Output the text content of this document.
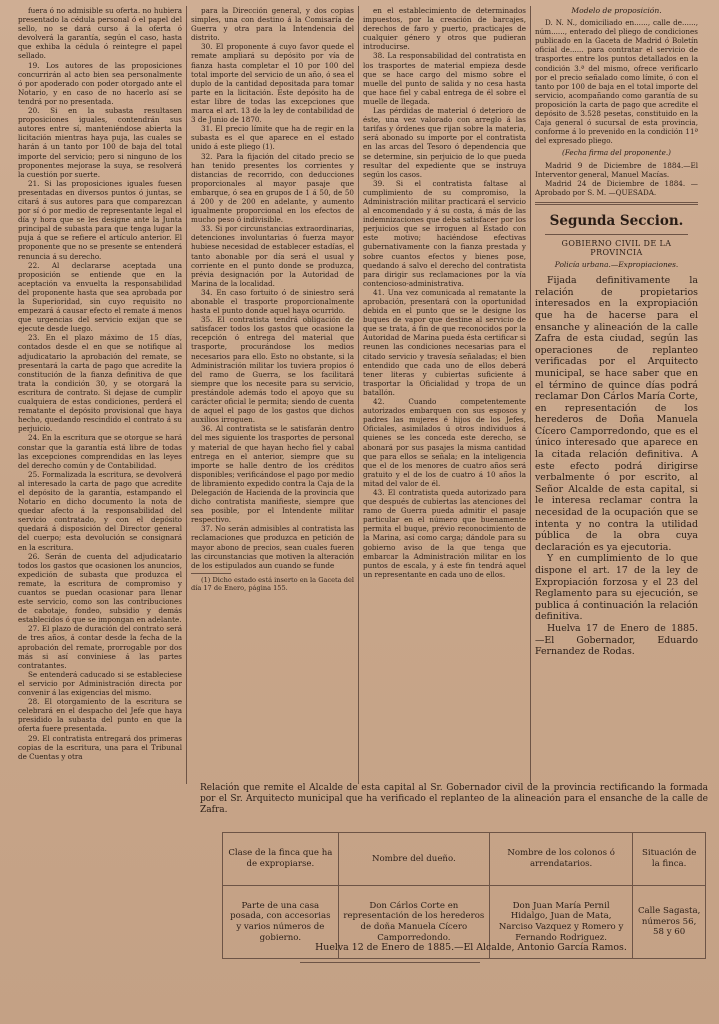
fuera ó no admisible su oferta. no hubiera presentado la cédula personal ó el papel del sello, no se dará curso á la oferta ó devolverá la garantía, según el caso, hasta que exhiba la cédula ó reintegre el papel sellado.

19. Los autores de las proposiciones concurrirán al acto bien sea personalmente ó por apoderado con poder otorgado ante el Notario, y en caso de no hacerlo así se tendrá por no presentada.

20. Si en la subasta resultasen proposiciones iguales, contendrán sus autores entre sí, manteniéndose abierta la licitación mientras haya puja, las cuales se harán á un tanto por 100 de baja del total importe del servicio; pero si ninguno de los proponentes mejorase la suya, se resolverá la cuestión por suerte.

21. Si las proposiciones iguales fuesen presentadas en diversos puntos ó juntas, se citará á sus autores para que comparezcan por sí ó por medio de representante legal el día y hora que se les designe ante la Junta principal de subasta para que tenga lugar la puja á que se refiere el artículo anterior. El proponente que no se presente se entenderá renuncia á su derecho.

22. Al declararse aceptada una proposición se entiende que en la aceptación va envuelta la responsabilidad del proponente hasta que sea aprobada por la Superioridad, sin cuyo requisito no empezará á causar efecto el remate á menos que urgencias del servicio exijan que se ejecute desde luego.

23. En el plazo máximo de 15 días, contados desde el en que se notifique al adjudicatario la aprobación del remate, se presentará la carta de pago que acredite la constitución de la fianza definitiva de que trata la condición 30, y se otorgará la escritura de contrato. Si dejase de cumplir cualquiera de estas condiciones, perderá el rematante el depósito provisional que haya hecho, quedando rescindido el contrato á su perjuicio.

24. En la escritura que se otorgue se hará constar que la garantía está libre de todas las excepciones comprendidas en las leyes del derecho común y de Contabilidad.

25. Formalizada la escritura, se devolverá al interesado la carta de pago que acredite el depósito de la garantía, estampando el Notario en dicho documento la nota de quedar afecto á la responsabilidad del servicio contratado, y con el depósito quedará á disposición del Director general del cuerpo; esta devolución se consignará en la escritura.

26. Serán de cuenta del adjudicatario todos los gastos que ocasionen los anuncios, expedición de subasta que produzca el remate, la escritura de compromiso y cuantos se puedan ocasionar para llenar este servicio, como son las contribuciones de cabotaje, fondeo, subsidio y demás establecidos ó que se impongan en adelante.

27. El plazo de duración del contrato será de tres años, á contar desde la fecha de la aprobación del remate, prorrogable por dos más si así conviniese á las partes contratantes.

Se entenderá caducado si se estableciese el servicio por Administración directa por convenir á las exigencias del mismo.

28. El otorgamiento de la escritura se celebrará en el despacho del Jefe que haya presidido la subasta del punto en que la oferta fuere presentada.

29. El contratista entregará dos primeras copias de la escritura, una para el Tribunal de Cuentas y otra

para la Dirección general, y dos copias simples, una con destino á la Comisaría de Guerra y otra para la Intendencia del distrito.

30. El proponente á cuyo favor quede el remate ampliará su depósito por vía de fianza hasta completar el 10 por 100 del total importe del servicio de un año, ó sea el duplo de la cantidad depositada para tomar parte en la licitación. Este depósito ha de estar libre de todas las excepciones que marca el art. 13 de la ley de contabilidad de 3 de Junio de 1870.

31. El precio límite que ha de regir en la subasta es el que aparece en el estado unido á este pliego (1).

32. Para la fijación del citado precio se han tenido presentes los corrientes y distancias de recorrido, con deducciones proporcionales al mayor pasaje que embarque, ó sea en grupos de 1 á 50, de 50 á 200 y de 200 en adelante, y aumento igualmente proporcional en los efectos de mucho peso ó indivisible.

33. Si por circunstancias extraordinarias, detenciones involuntarias ó fuerza mayor hubiese necesidad de establecer estadías, el tanto abonable por día será el usual y corriente en el punto donde se produzca, prévia designación por la Autoridad de Marina de la localidad.

34. En caso fortuito ó de siniestro será abonable el trasporte proporcionalmente hasta el punto donde aquel haya ocurrido.

35. El contratista tendrá obligación de satisfacer todos los gastos que ocasione la recepción ó entrega del material que trasporte, procurándose los medios necesarios para ello. Esto no obstante, si la Administración militar los tuviera propios ó del ramo de Guerra, se los facilitará siempre que los necesite para su servicio, prestándole además todo el apoyo que su carácter oficial le permita; siendo de cuenta de aquel el pago de los gastos que dichos auxilios irroguen.

36. Al contratista se le satisfarán dentro del mes siguiente los trasportes de personal y material de que hayan hecho fiel y cabal entrega en el anterior, siempre que su importe se halle dentro de los créditos disponibles; verificándose el pago por medio de libramiento expedido contra la Caja de la Delegación de Hacienda de la provincia que dicho contratista manifieste, siempre que sea posible, por el Intendente militar respectivo.

37. No serán admisibles al contratista las reclamaciones que produzca en petición de mayor abono de precios, sean cuales fueren las circunstancias que motiven la alteración de los estipulados aun cuando se funde

(1) Dicho estado está inserto en la Gaceta del día 17 de Enero, página 155.

en el establecimiento de determinados impuestos, por la creación de barcajes, derechos de faro y puerto, practicajes de cualquier género y otros que pudieran introducirse.

38. La responsabilidad del contratista en los trasportes de material empieza desde que se hace cargo del mismo sobre el muelle del punto de salida y no cesa hasta que hace fiel y cabal entrega de él sobre el muelle de llegada.

Las pérdidas de material ó deterioro de éste, una vez valorado con arreglo á las tarifas y órdenes que rijan sobre la materia, será abonado su importe por el contratista en las arcas del Tesoro ó dependencia que se determine, sin perjuicio de lo que pueda resultar del expediente que se instruya según los casos.

39. Si el contratista faltase al cumplimiento de su compromiso, la Administración militar practicará el servicio al encomendado y á su costa, á más de las indemnizaciones que deba satisfacer por los perjuicios que se irroguen al Estado con este motivo; haciéndose efectivas gubernativamente con la fianza prestada y sobre cuantos efectos y bienes pose, quedando á salvo el derecho del contratista para dirigir sus reclamaciones por la vía contencioso-administrativa.

41. Una vez comunicada al rematante la aprobación, presentará con la oportunidad debida en el punto que se le designe los buques de vapor que destine al servicio de que se trata, á fin de que reconocidos por la Autoridad de Marina pueda ésta certificar si reunen las condiciones necesarias para el citado servicio y travesía señaladas; el bien entendido que cada uno de ellos deberá tener literas y cubiertas suficiente á trasportar la Oficialidad y tropa de un batallón.

42. Cuando competentemente autorizados embarquen con sus esposos y padres las mujeres é hijos de los Jefes, Oficiales, asimilados ú otros individuos á quienes se les conceda este derecho, se abonará por sus pasajes la misma cantidad que para ellos se señala; en la inteligencia que el de los menores de cuatro años será gratuito y el de los de cuatro á 10 años la mitad del valor de él.

43. El contratista queda autorizado para que después de cubiertas las atenciones del ramo de Guerra pueda admitir el pasaje particular en el número que buenamente permita el buque, prévio reconocimiento de la Marina, así como carga; dándole para su gobierno aviso de la que tenga que embarcar la Administración militar en los puntos de escala, y á este fin tendrá aquel un representante en cada uno de ellos.

Modelo de proposición.

D. N. N., domiciliado en......, calle de......, núm......, enterado del pliego de condiciones publicado en la Gaceta de Madrid ó Boletín oficial de...... para contratar el servicio de trasportes entre los puntos detallados en la condición 3.ª del mismo, ofrece verificarlo por el precio señalado como límite, ó con el tanto por 100 de baja en el total importe del servicio, acompañando como garantía de su proposición la carta de pago que acredite el depósito de 3.528 pesetas, constituido en la Caja general ó sucursal de esta provincia, conforme á lo prevenido en la condición 11ª del expresado pliego.

(Fecha firma del proponente.)

Madrid 9 de Diciembre de 1884.—El Interventor general, Manuel Macías.

Madrid 24 de Diciembre de 1884. —Aprobado por S. M. —QUESADA.

Segunda Seccion.
GOBIERNO CIVIL DE LA PROVINCIA
Policía urbana.—Expropiaciones.

Fijada definitivamente la relación de propietarios interesados en la expropiación que ha de hacerse para el ensanche y alineación de la calle Zafra de esta ciudad, según las operaciones de replanteo verificadas por el Arquitecto municipal, se hace saber que en el término de quince días podrá reclamar Don Cárlos María Corte, en representación de los herederos de Doña Manuela Cícero Camporredondo, que es el único interesado que aparece en la citada relación definitiva. A este efecto podrá dirigirse verbalmente ó por escrito, al Señor Alcalde de esta capital, si le interesa reclamar contra la necesidad de la ocupación que se intenta y no contra la utilidad pública de la obra cuya declaración es ya ejecutoria.

Y en cumplimiento de lo que dispone el art. 17 de la ley de Expropiación forzosa y el 23 del Reglamento para su ejecución, se publica á continuación la relación definitiva.

Huelva 17 de Enero de 1885. —El Gobernador, Eduardo Fernandez de Rodas.

Relación que remite el Alcalde de esta capital al Sr. Gobernador civil de la provincia rectificando la formada por el Sr. Arquitecto municipal que ha verificado el replanteo de la alineación para el ensanche de la calle de Zafra.
Clase de la finca que ha de expropiarse.	Nombre del dueño.	Nombre de los colonos ó arrendatarios.	Situación de la finca.
Parte de una casa posada, con accesorias y varios números de gobierno.	Don Cárlos Corte en representación de los herederos de doña Manuela Cícero Camporredondo.	Don Juan María Pernil Hidalgo, Juan de Mata, Narciso Vazquez y Romero y Fernando Rodriguez.	Calle Sagasta, números 56, 58 y 60
Huelva 12 de Enero de 1885.—El Alcalde, Antonio García Ramos.
